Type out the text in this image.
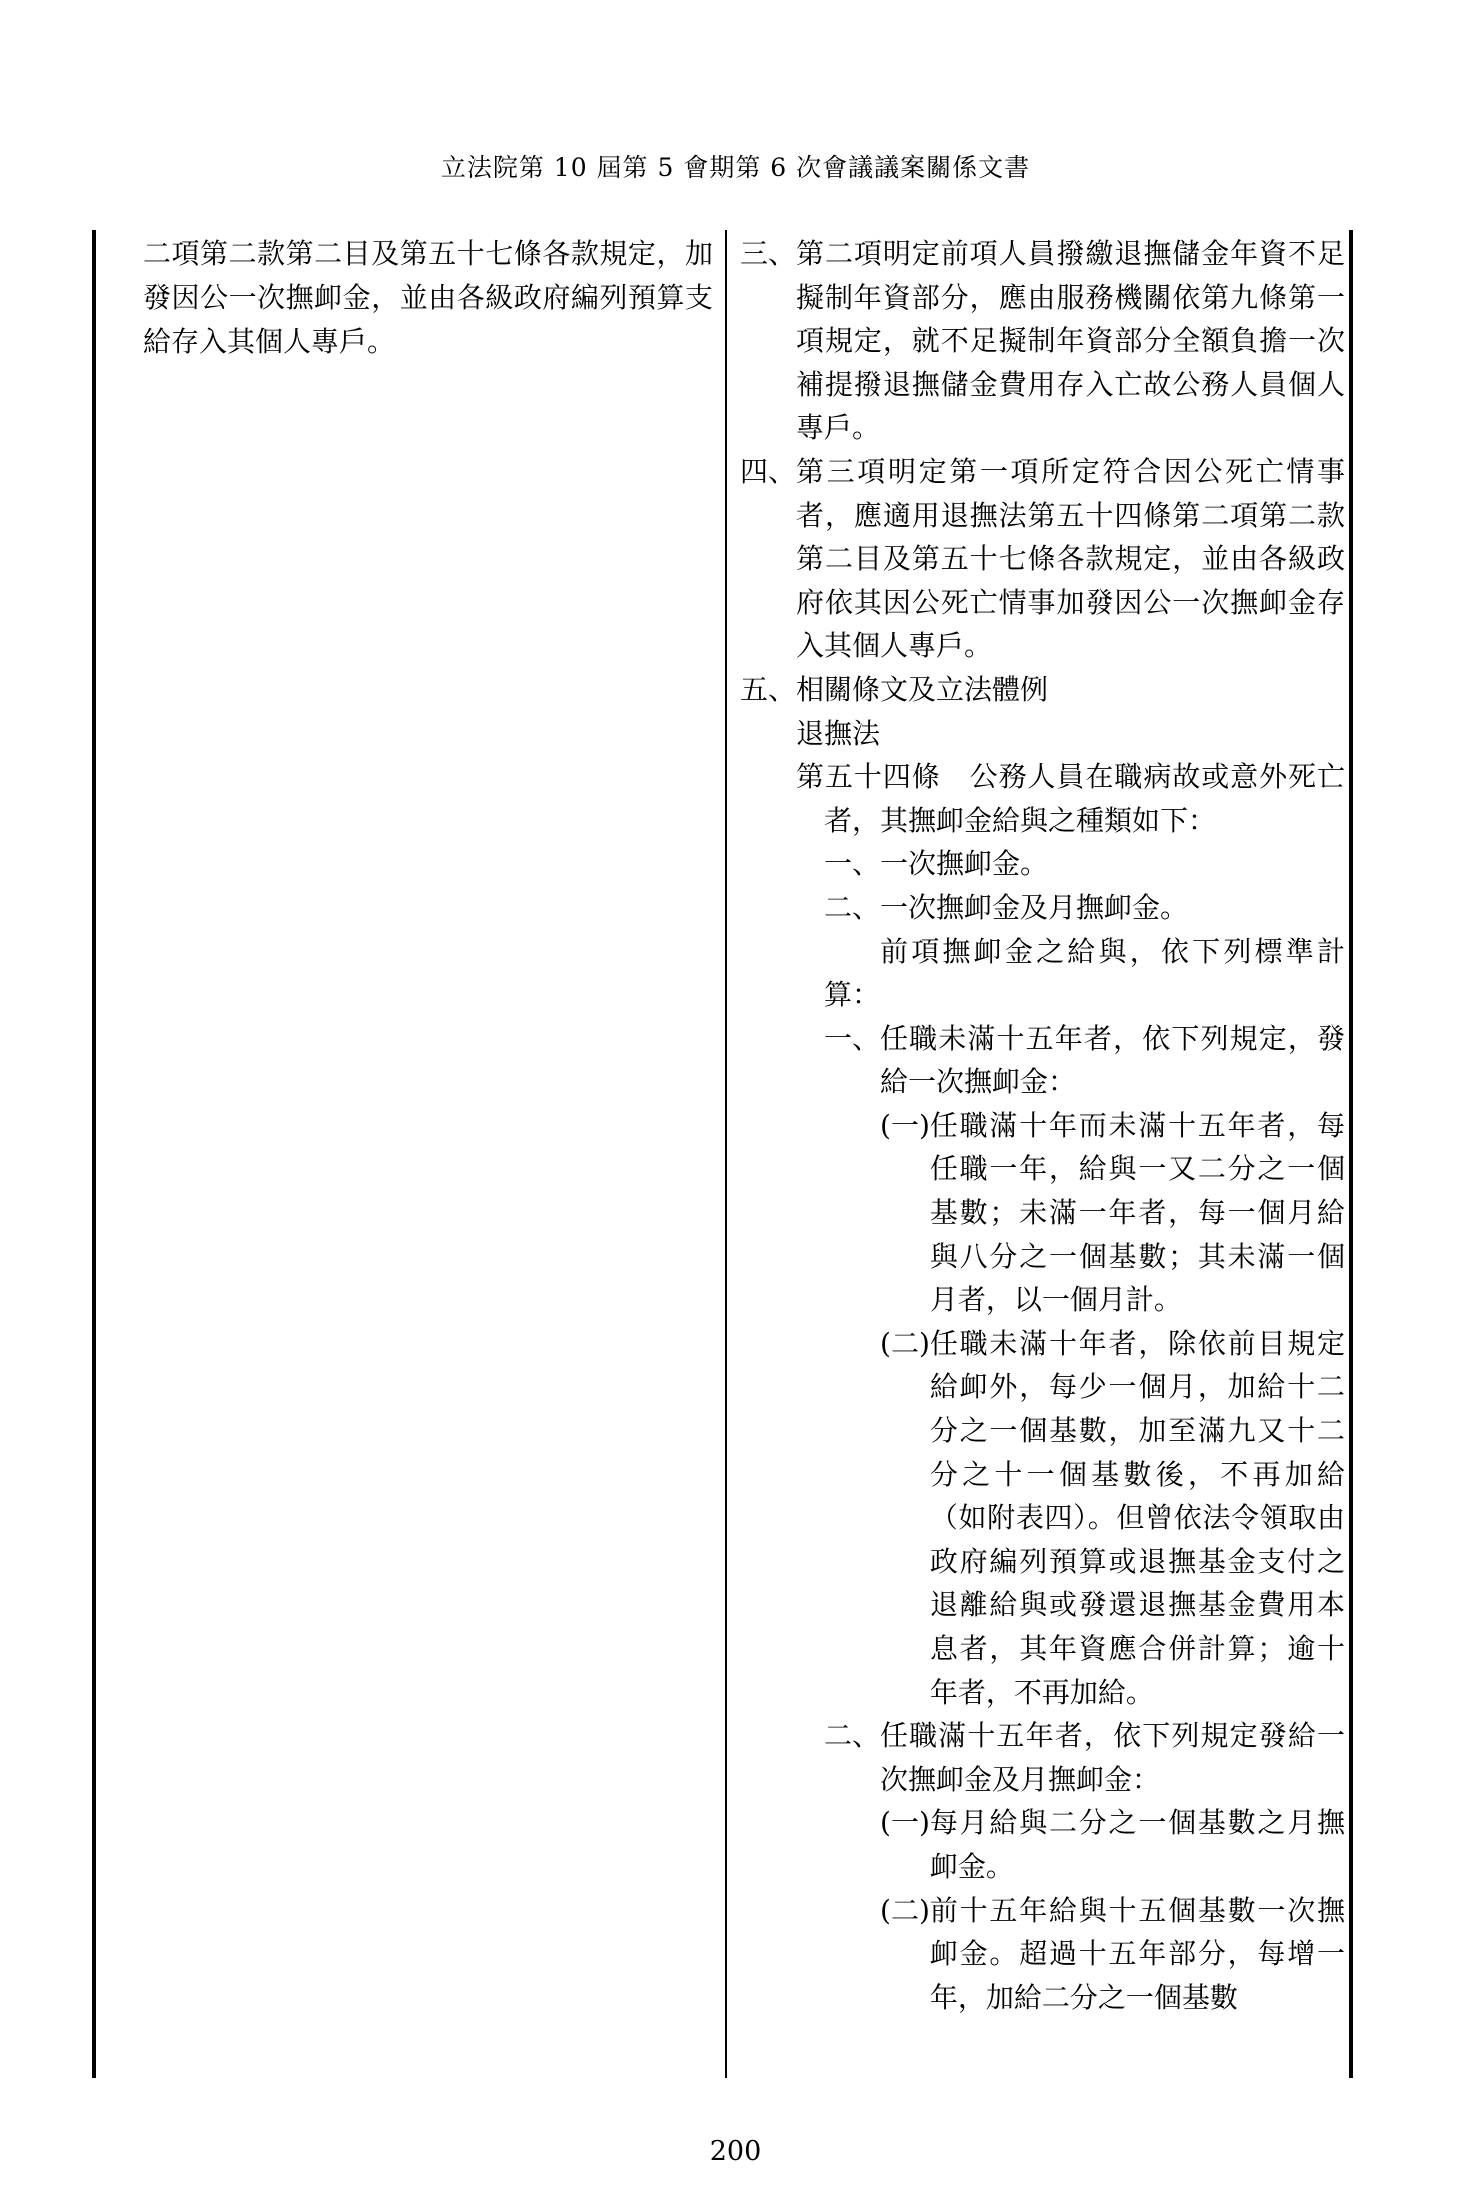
立法院第 10 屆第 5 會期第 6 次會議議案關係文書
二項第二款第二目及第五十七條各款規定，加發因公一次撫卹金，並由各級政府編列預算支給存入其個人專戶。
三、 第二項明定前項人員撥繳退撫儲金年資不足擬制年資部分，應由服務機關依第九條第一項規定，就不足擬制年資部分全額負擔一次補提撥退撫儲金費用存入亡故公務人員個人專戶。
四、 第三項明定第一項所定符合因公死亡情事者，應適用退撫法第五十四條第二項第二款第二目及第五十七條各款規定，並由各級政府依其因公死亡情事加發因公一次撫卹金存入其個人專戶。
五、 相關條文及立法體例
退撫法
第五十四條　公務人員在職病故或意外死亡者，其撫卹金給與之種類如下：
一、 一次撫卹金。
二、 一次撫卹金及月撫卹金。
前項撫卹金之給與，依下列標準計算：
一、 任職未滿十五年者，依下列規定，發給一次撫卹金：
(一) 任職滿十年而未滿十五年者，每任職一年，給與一又二分之一個基數；未滿一年者，每一個月給與八分之一個基數；其未滿一個月者，以一個月計。
(二) 任職未滿十年者，除依前目規定給卹外，每少一個月，加給十二分之一個基數，加至滿九又十二分之十一個基數後，不再加給（如附表四）。但曾依法令領取由政府編列預算或退撫基金支付之退離給與或發還退撫基金費用本息者，其年資應合併計算；逾十年者，不再加給。
二、 任職滿十五年者，依下列規定發給一次撫卹金及月撫卹金：
(一) 每月給與二分之一個基數之月撫卹金。
(二) 前十五年給與十五個基數一次撫卹金。超過十五年部分，每增一年，加給二分之一個基數
200
